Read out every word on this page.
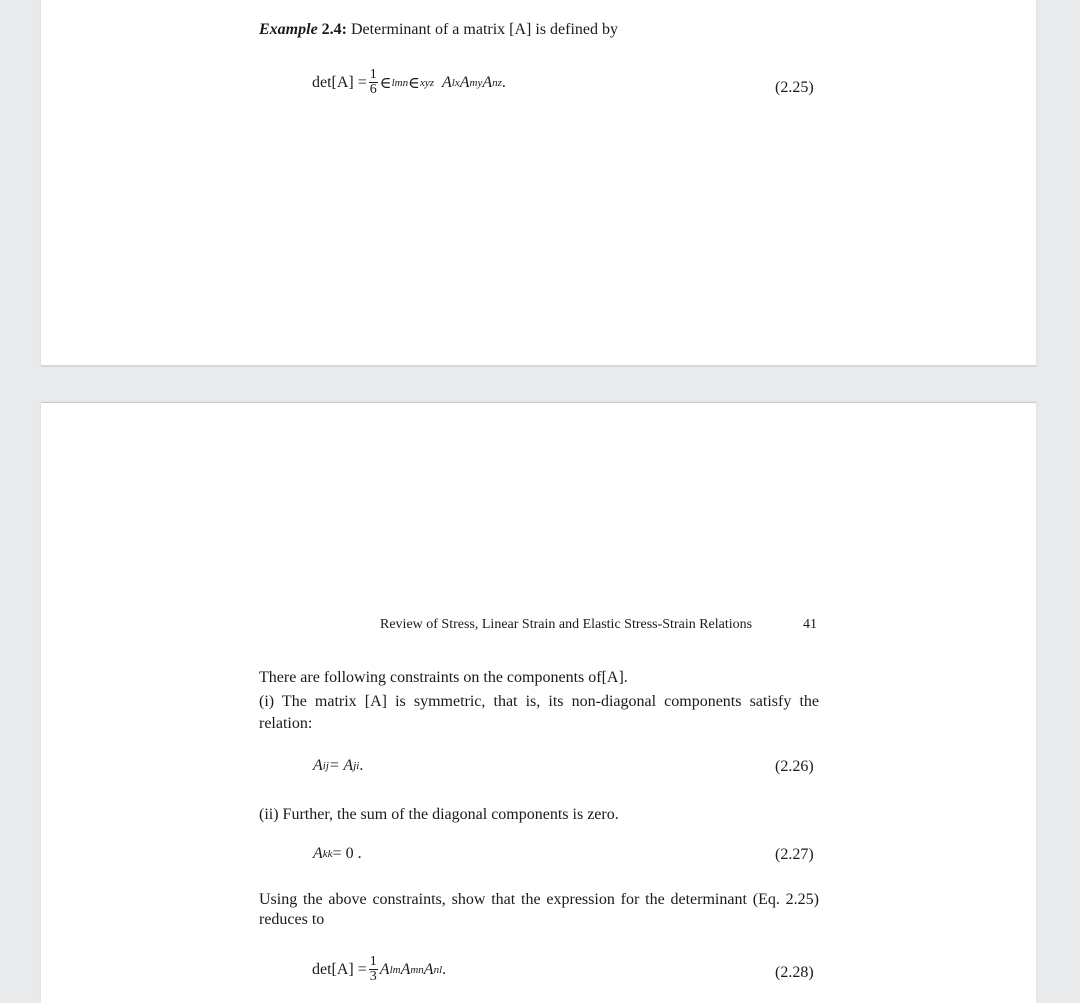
Example 2.4: Determinant of a matrix [A] is defined by
$\det[A] = \frac{1}{6}$ ∈ lmn ∈ xyz A lx A my A nz .	(2.25)
Review of Stress, Linear Strain and Elastic Stress-Strain Relations	41
There are following constraints on the components of[A].
(i) The matrix [A] is symmetric, that is, its non-diagonal components satisfy the relation:
A ij = A ji .	(2.26)
(ii) Further, the sum of the diagonal components is zero.
A kk = 0 .	(2.27)
Using the above constraints, show that the expression for the determinant (Eq. 2.25) reduces to
$\det[A] = \frac{1}{3}$ A lm A mn A nl .	(2.28)
